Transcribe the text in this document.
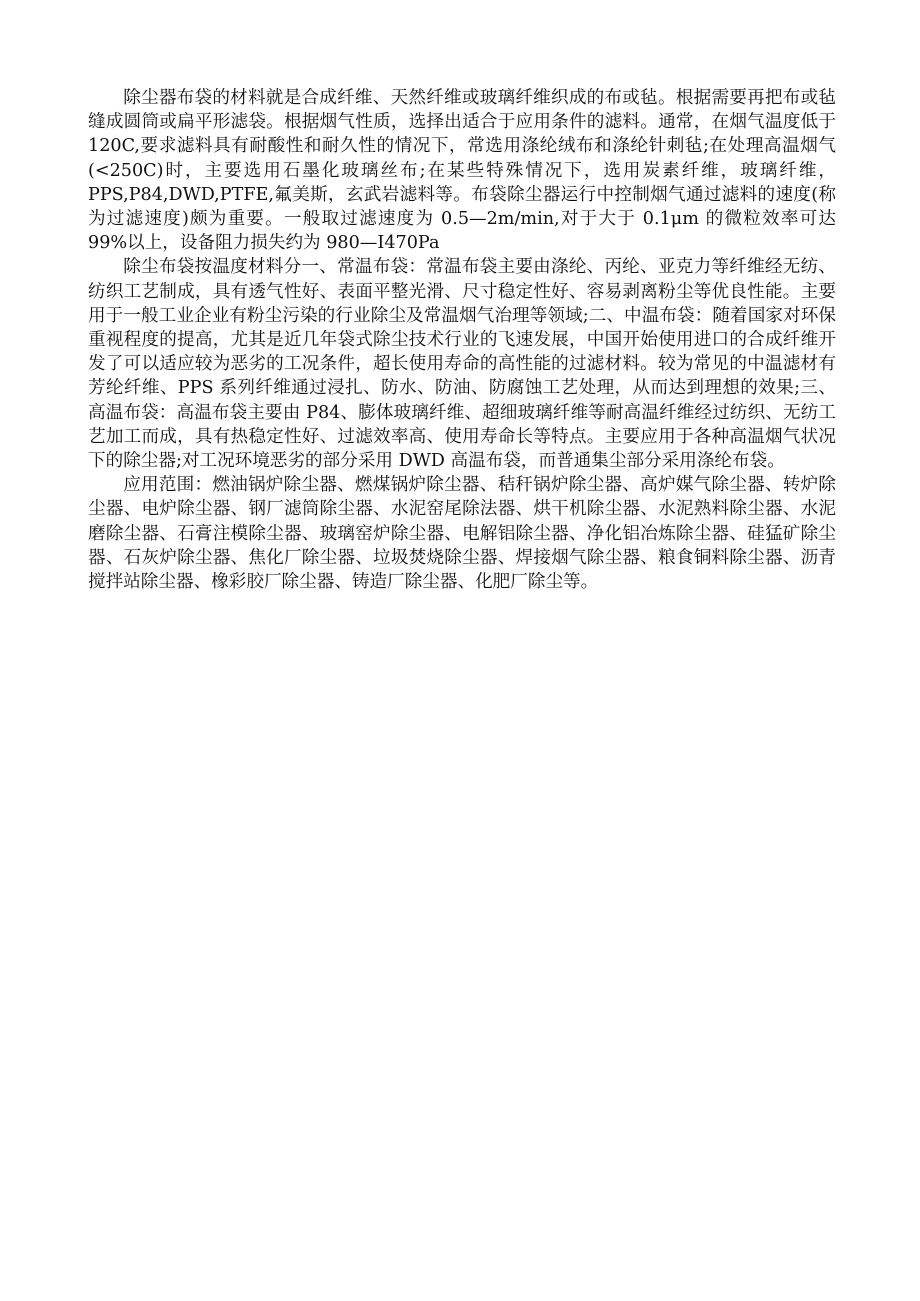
除尘器布袋的材料就是合成纤维、天然纤维或玻璃纤维织成的布或毡。根据需要再把布或毡缝成圆筒或扁平形滤袋。根据烟气性质，选择出适合于应用条件的滤料。通常，在烟气温度低于 120C,要求滤料具有耐酸性和耐久性的情况下，常选用涤纶绒布和涤纶针刺毡;在处理高温烟气(<250C)时，主要选用石墨化玻璃丝布;在某些特殊情况下，选用炭素纤维，玻璃纤维，PPS,P84,DWD,PTFE,氟美斯，玄武岩滤料等。布袋除尘器运行中控制烟气通过滤料的速度(称为过滤速度)颇为重要。一般取过滤速度为 0.5—2m∕min,对于大于 0.1μm 的微粒效率可达 99%以上，设备阻力损失约为 980—I470Pa

除尘布袋按温度材料分一、常温布袋：常温布袋主要由涤纶、丙纶、亚克力等纤维经无纺、纺织工艺制成，具有透气性好、表面平整光滑、尺寸稳定性好、容易剥离粉尘等优良性能。主要用于一般工业企业有粉尘污染的行业除尘及常温烟气治理等领域;二、中温布袋：随着国家对环保重视程度的提高，尤其是近几年袋式除尘技术行业的飞速发展，中国开始使用进口的合成纤维开发了可以适应较为恶劣的工况条件，超长使用寿命的高性能的过滤材料。较为常见的中温滤材有芳纶纤维、PPS 系列纤维通过浸扎、防水、防油、防腐蚀工艺处理，从而达到理想的效果;三、高温布袋：高温布袋主要由 P84、膨体玻璃纤维、超细玻璃纤维等耐高温纤维经过纺织、无纺工艺加工而成，具有热稳定性好、过滤效率高、使用寿命长等特点。主要应用于各种高温烟气状况下的除尘器;对工况环境恶劣的部分采用 DWD 高温布袋，而普通集尘部分采用涤纶布袋。

应用范围：燃油锅炉除尘器、燃煤锅炉除尘器、秸秆锅炉除尘器、高炉媒气除尘器、转炉除尘器、电炉除尘器、钢厂滤筒除尘器、水泥窑尾除法器、烘干机除尘器、水泥熟料除尘器、水泥磨除尘器、石膏注模除尘器、玻璃窑炉除尘器、电解铝除尘器、净化铝冶炼除尘器、硅猛矿除尘器、石灰炉除尘器、焦化厂除尘器、垃圾焚烧除尘器、焊接烟气除尘器、粮食铜料除尘器、沥青搅拌站除尘器、橡彩胶厂除尘器、铸造厂除尘器、化肥厂除尘等。
